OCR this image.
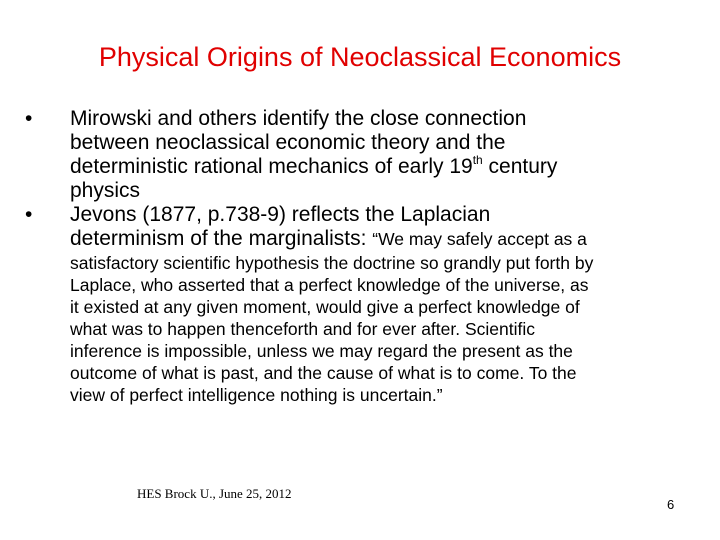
Physical Origins of Neoclassical Economics
• Mirowski and others identify the close connection
between neoclassical economic theory and the
deterministic rational mechanics of early 19th century
physics
• Jevons (1877, p.738-9) reflects the Laplacian
determinism of the marginalists: “We may safely accept as a
satisfactory scientific hypothesis the doctrine so grandly put forth by
Laplace, who asserted that a perfect knowledge of the universe, as
it existed at any given moment, would give a perfect knowledge of
what was to happen thenceforth and for ever after. Scientific
inference is impossible, unless we may regard the present as the
outcome of what is past, and the cause of what is to come. To the
view of perfect intelligence nothing is uncertain.”
HES Brock U., June 25, 2012
6
